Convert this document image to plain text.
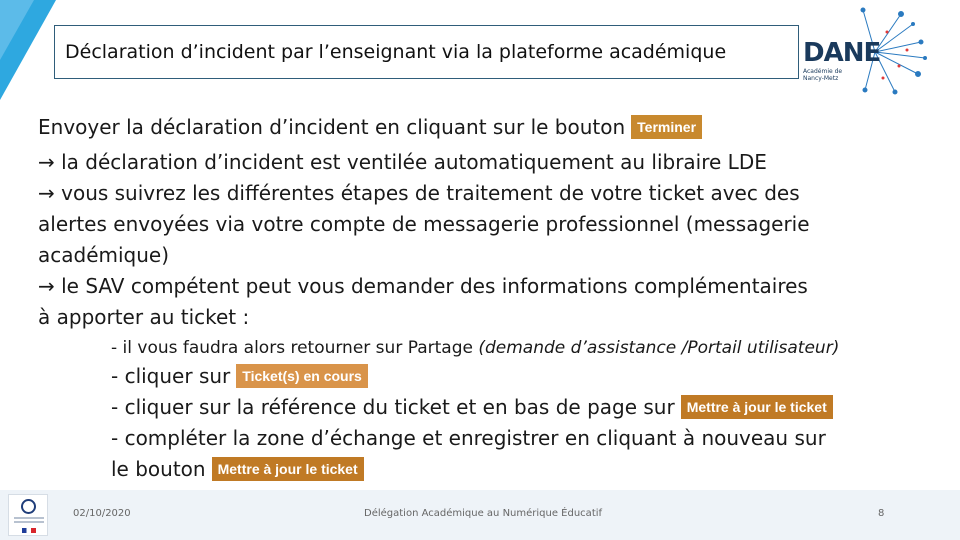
Déclaration d’incident par l’enseignant via la plateforme académique	DANE
Académie de
Nancy-Metz
Envoyer la déclaration d’incident en cliquant sur le bouton Terminer
→ la déclaration d’incident est ventilée automatiquement au libraire LDE
→ vous suivrez les différentes étapes de traitement de votre ticket avec des
alertes envoyées via votre compte de messagerie professionnel (messagerie
académique)
→ le SAV compétent peut vous demander des informations complémentaires
à apporter au ticket :
- il vous faudra alors retourner sur Partage (demande d’assistance /Portail utilisateur)
- cliquer sur Ticket(s) en cours
- cliquer sur la référence du ticket et en bas de page sur Mettre à jour le ticket
- compléter la zone d’échange et enregistrer en cliquant à nouveau sur
le bouton Mettre à jour le ticket
02/10/2020	Délégation Académique au Numérique Éducatif	8
